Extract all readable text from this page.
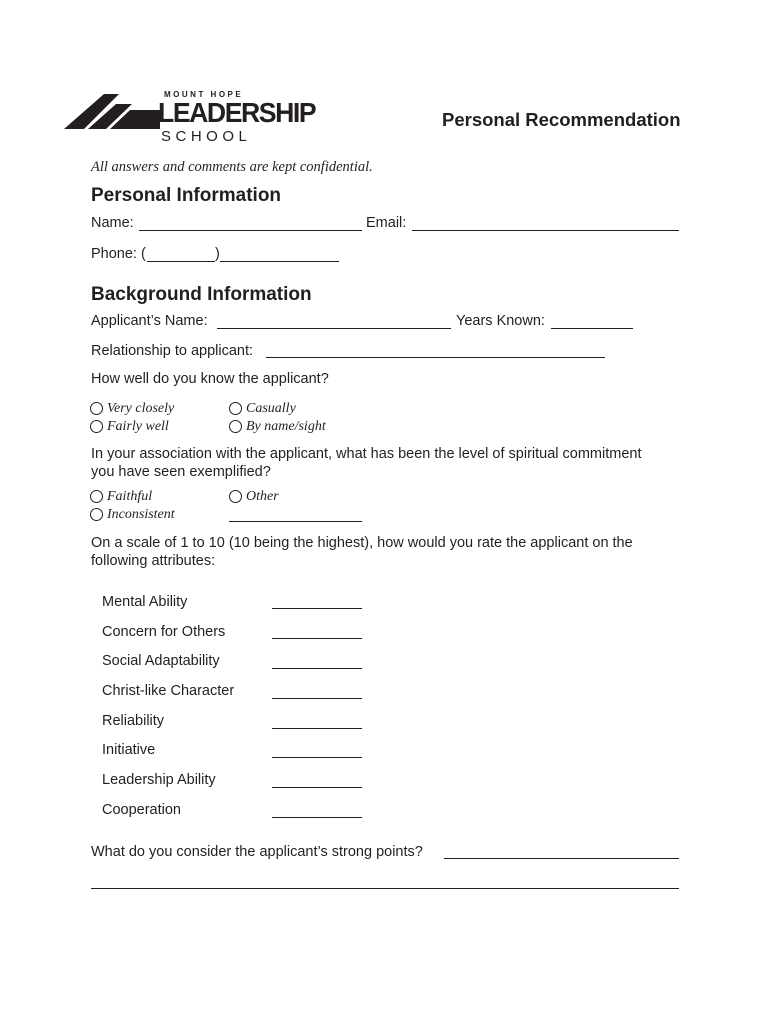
MOUNT HOPE
LEADERSHIP
SCHOOL
Personal Recommendation
All answers and comments are kept confidential.
Personal Information
Name:	Email:
Phone: (	)
Background Information
Applicant’s Name:	Years Known:
Relationship to applicant:
How well do you know the applicant?
Very closely	Casually
Fairly well	By name/sight
In your association with the applicant, what has been the level of spiritual commitment
you have seen exemplified?
Faithful	Other
Inconsistent
On a scale of 1 to 10 (10 being the highest), how would you rate the applicant on the
following attributes:
Mental Ability
Concern for Others
Social Adaptability
Christ-like Character
Reliability
Initiative
Leadership Ability
Cooperation
What do you consider the applicant’s strong points?
